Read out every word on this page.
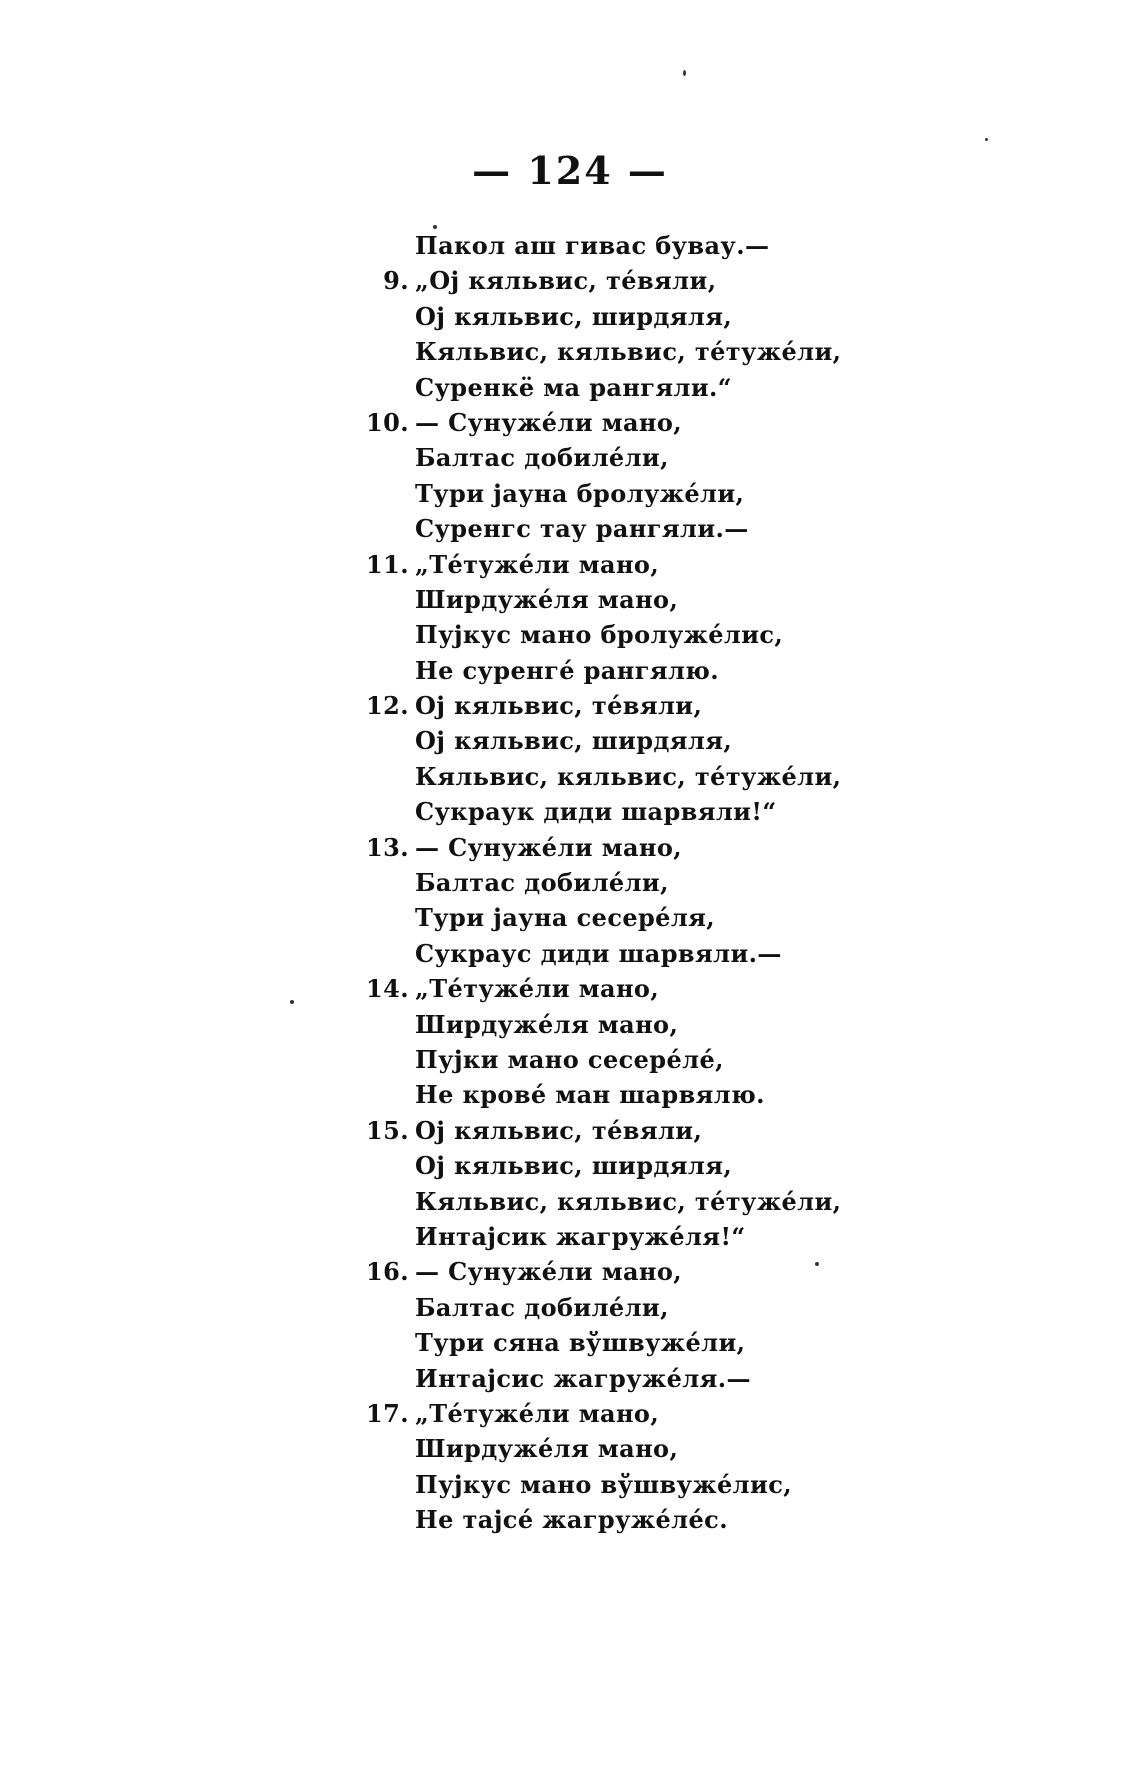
— 124 —
Пакол аш гивас бувау.—
9. „Оj кяльвис, тéвяли,
Оj кяльвис, ширдяля,
Кяльвис, кяльвис, тéтужéли,
Суренкё ма рангяли.“
10. — Сунужéли мано,
Балтас добилéли,
Тури jауна бролужéли,
Суренгс тау рангяли.—
11. „Тéтужéли мано,
Ширдужéля мано,
Пуjкус мано бролужéлис,
Не суренгé рангялю.
12. Оj кяльвис, тéвяли,
Оj кяльвис, ширдяля,
Кяльвис, кяльвис, тéтужéли,
Сукраук диди шарвяли!“
13. — Сунужéли мано,
Балтас добилéли,
Тури jауна сесерéля,
Сукраус диди шарвяли.—
14. „Тéтужéли мано,
Ширдужéля мано,
Пуjки мано сесерéлé,
Не кровé ман шарвялю.
15. Оj кяльвис, тéвяли,
Оj кяльвис, ширдяля,
Кяльвис, кяльвис, тéтужéли,
Интаjсик жагружéля!“
16. — Сунужéли мано,
Балтас добилéли,
Тури сяна вўшвужéли,
Интаjсис жагружéля.—
17. „Тéтужéли мано,
Ширдужéля мано,
Пуjкус мано вўшвужéлис,
Не таjсé жагружéлéс.
